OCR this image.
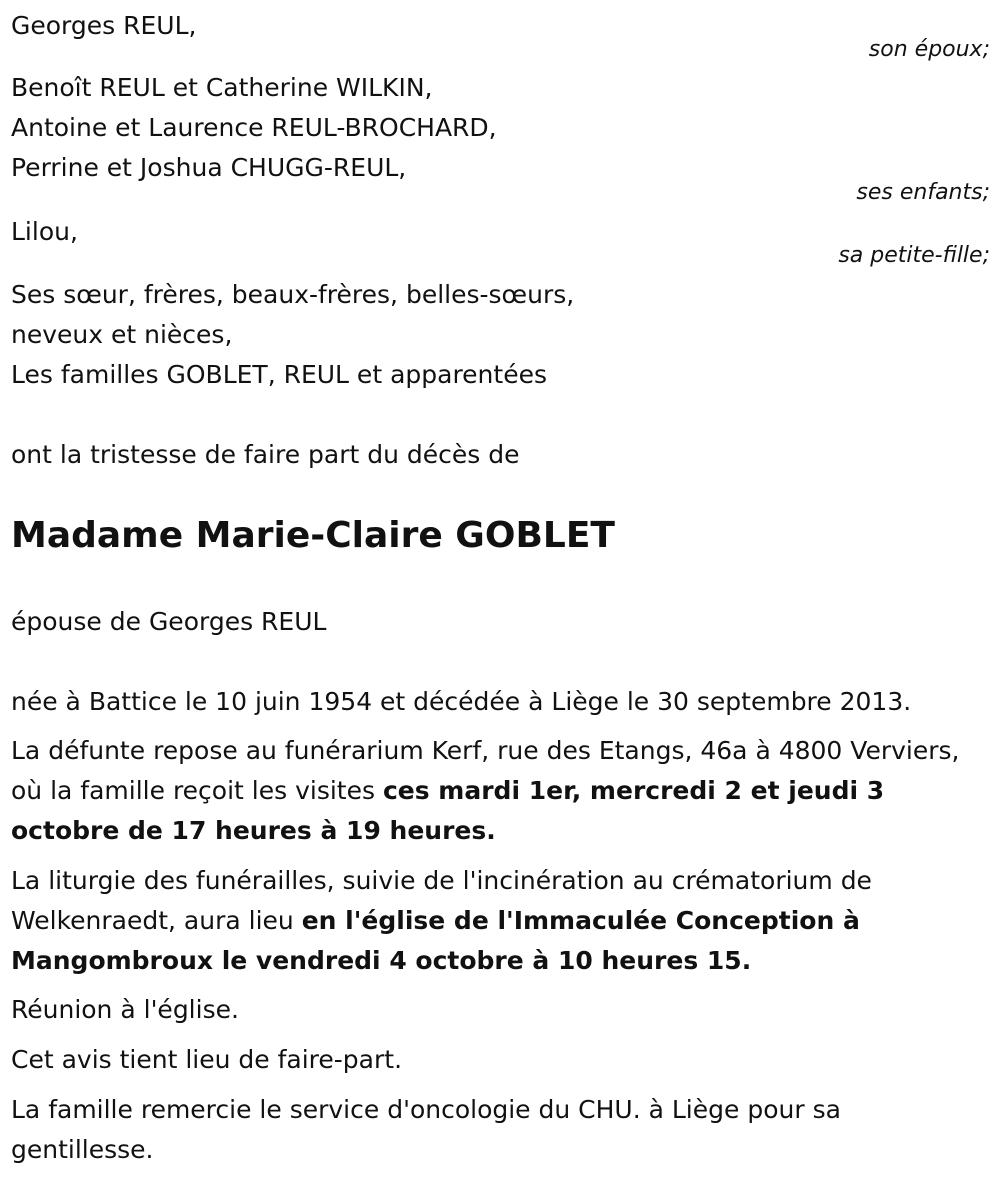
Georges REUL,
son époux;
Benoît REUL et Catherine WILKIN,
Antoine et Laurence REUL-BROCHARD,
Perrine et Joshua CHUGG-REUL,
ses enfants;
Lilou,
sa petite-fille;
Ses sœur, frères, beaux-frères, belles-sœurs,
neveux et nièces,
Les familles GOBLET, REUL et apparentées
ont la tristesse de faire part du décès de
Madame Marie-Claire GOBLET
épouse de Georges REUL
née à Battice le 10 juin 1954 et décédée à Liège le 30 septembre 2013.
La défunte repose au funérarium Kerf, rue des Etangs, 46a à 4800 Verviers, où la famille reçoit les visites ces mardi 1er, mercredi 2 et jeudi 3 octobre de 17 heures à 19 heures.
La liturgie des funérailles, suivie de l'incinération au crématorium de Welkenraedt, aura lieu en l'église de l'Immaculée Conception à Mangombroux le vendredi 4 octobre à 10 heures 15.
Réunion à l'église.
Cet avis tient lieu de faire-part.
La famille remercie le service d'oncologie du CHU. à Liège pour sa gentillesse.
